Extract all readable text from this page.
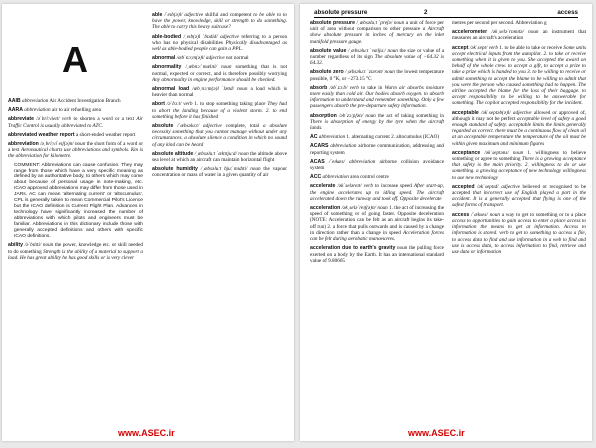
A
AAIB abbreviation Air Accident Investigation Branch
AARA abbreviation air to air refuelling area
abbreviate /əˈbriːvieɪt/ verb to shorten a word or a text Air Traffic Control is usually abbreviated to ATC.
abbreviated weather report a short-ended weather report
abbreviation /əˌbriːviˈeɪʃ(ə)n/ noun the short form of a word or a text Aeronautical charts use abbreviations and symbols. Km is the abbreviation for kilometre.
COMMENT: Abbreviations can cause confusion. They may range from those which have a very specific meaning as defined by an authoritative body, to others which may come about because of personal usage in note-making, etc. ICAO approved abbreviations may differ from those used in JARs. AC can mean 'alternating current' or 'altocumulus'. CPL is generally taken to mean Commercial Pilot's Licence but the ICAO definition is Current Flight Plan. Advances in technology have significantly increased the number of abbreviations with which pilots and engineers must be familiar. Abbreviations in this dictionary include those with generally accepted definitions and others with specific ICAO definitions.
ability /əˈbɪlɪti/ noun the power, knowledge etc. or skill needed to do something Strength is the ability of a material to support a load. He has great ability he has good skills or is very clever
able /ˈeɪb(ə)l/ adjective skilful and competent to be able to to have the power, knowledge, skill or strength to do something. The able to carry this heavy suitcase?
able-bodied /ˌeɪb(ə)l ˈbɒdid/ adjective referring to a person who has no physical disabilities Physically disadvantaged as well as able-bodied people can gain a PPL.
abnormal /æbˈnɔːm(ə)l/ adjective not normal
abnormality /ˌæbnɔːˈmælɪti/ noun something that is not normal, expected or correct, and is therefore possibly worrying Any abnormality in engine performance should be checked.
abnormal load /æbˌnɔːm(ə)l ˈləʊd/ noun a load which is heavier than normal
abort /əˈbɔːt/ verb 1. to stop something taking place They had to abort the landing because of a violent storm. 2. to end something before it has finished
absolute /ˈæbsəluːt/ adjective complete, total a absolute necessity something that you cannot manage without under any circumstances. a absolute silence a condition in which no sound of any kind can be heard
absolute altitude /ˌæbsəluːt ˈæltɪtjuːd/ noun the altitude above sea level at which an aircraft can maintain horizontal flight
absolute humidity /ˌæbsəluːt hjuːˈmɪdɪti/ noun the vapour concentration or mass of water in a given quantity of air
www.ASEC.ir
absolute pressure	2	access
absolute pressure /ˌæbsəluːt ˈpreʃə/ noun a unit of force per unit of area without comparison to other pressure a Aircraft show absolute pressure in inches of mercury on the inlet manifold pressure gauge.
absolute value /ˌæbsəluːt ˈvæljuː/ noun the size or value of a number regardless of its sign The absolute value of −64.32 is 64.32.
absolute zero /ˌæbsəluːt ˈzɪərəʊ/ noun the lowest temperature possible, 0 °K, or −273.15 °C
absorb /əbˈzɔːb/ verb to take in Warm air absorbs moisture more easily than cold air. Our bodies absorb oxygen. to absorb information to understand and remember something. Only a few passengers absorb the pre-departure safety information.
absorption /əbˈzɔːpʃən/ noun the act of taking something in There is absorption of energy by the tyre when the aircraft lands.
AC abbreviation 1. alternating current 2. altocumulus (ICAO)
ACARS abbreviation airborne communication, addressing and reporting system
ACAS /ˈeɪkæs/ abbreviation airborne collision avoidance system
ACC abbreviation area control centre
accelerate /əkˈseləreɪt/ verb to increase speed After start-up, the engine accelerates up to idling speed. The aircraft accelerated down the runway and took off. Opposite decelerate
acceleration /əkˌseləˈreɪʃ(ə)n/ noun 1. the act of increasing the speed of something or of going faster. Opposite deceleration (NOTE: Acceleration can be felt as an aircraft begins its take-off run) 2. a force that pulls outwards and is caused by a change in direction rather than a change in speed Acceleration forces can be felt during aerobatic manoeuvres.
acceleration due to earth's gravity noun the pulling force exerted on a body by the Earth. It has an international standard value of 9.80665
metres per second per second. Abbreviation g
accelerometer /əkˌseləˈrɒmɪtə/ noun an instrument that measures an aircraft's acceleration
accept /əkˈsept/ verb 1. to be able to take or receive Some units accept electrical inputs from the autopilot. 2. to take or receive something when it is given to you. She accepted the award on behalf of the whole crew. to accept a gift, to accept a prize to take a prize which is handed to you 3. to be willing to receive or admit something to accept the blame to be willing to admit that you were the person who caused something bad to happen. The airline accepted the blame for the loss of their baggage. to accept responsibility to be willing to be answerable for something. The copilot accepted responsibility for the incident.
acceptable /əkˈseptəb(ə)l/ adjective allowed or approved of, although it may not be perfect acceptable level of safety a good enough standard of safety. acceptable limits the limits generally regarded as correct. there must be a continuous flow of clean oil at an acceptable temperature the temperature of the oil must be within given maximum and minimum figures
acceptance /əkˈseptəns/ noun 1. willingness to believe something or agree to something There is a growing acceptance that safety is the main priority. 2. willingness to do or use something. a growing acceptance of new technology willingness to use new technology
accepted /əkˈseptɪd/ adjective believed or recognised to be accepted that incorrect use of English played a part in the accident. It is a generally accepted that flying is one of the safest forms of transport.
access /ˈækses/ noun a way to get to something or to a place access to opportunities to gain access to enter a place access to information the means to get at information. Access to information is stored. verb to get to something to access a file, to access data to find and use information in a web to find and use is access data, to access information to find, retrieve and use data or information
www.ASEC.ir
